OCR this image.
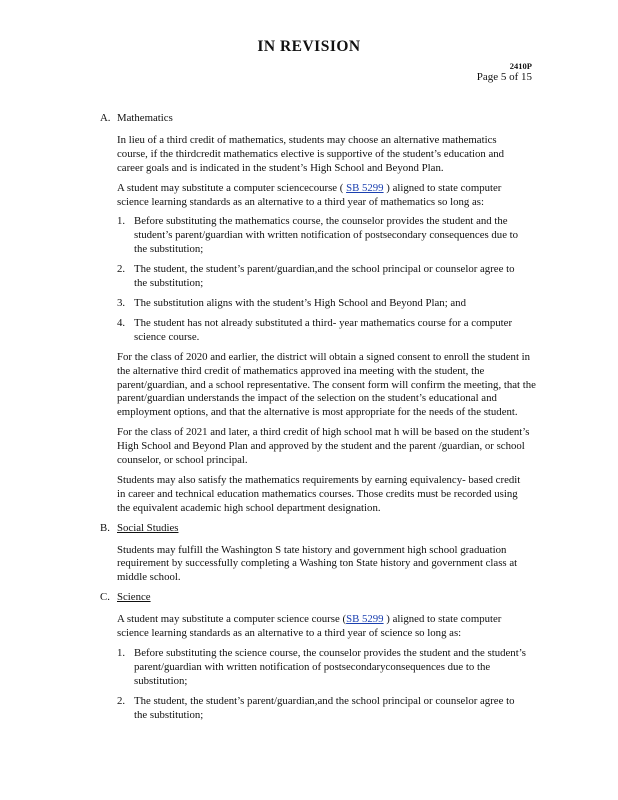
IN REVISION
2410P
Page 5 of 15
A. Mathematics
In lieu of a third credit of mathematics, students may choose an alternative mathematics course, if the thirdcredit mathematics elective is supportive of the student’s education and career goals and is indicated in the student’s High School and Beyond Plan.
A student may substitute a computer sciencecourse ( SB 5299 ) aligned to state computer science learning standards as an alternative to a third year of mathematics so long as:
1. Before substituting the mathematics course, the counselor provides the student and the student’s parent/guardian with written notification of postsecondary consequences due to the substitution;
2. The student, the student’s parent/guardian,and the school principal or counselor agree to the substitution;
3. The substitution aligns with the student’s High School and Beyond Plan; and
4. The student has not already substituted a third- year mathematics course for a computer science course.
For the class of 2020 and earlier, the district will obtain a signed consent to enroll the student in the alternative third credit of mathematics approved ina meeting with the student, the parent/guardian, and a school representative. The consent form will confirm the meeting, that the parent/guardian understands the impact of the selection on the student’s educational and employment options, and that the alternative is most appropriate for the needs of the student.
For the class of 2021 and later, a third credit of high school mat h will be based on the student’s High School and Beyond Plan and approved by the student and the parent /guardian, or school counselor, or school principal.
Students may also satisfy the mathematics requirements by earning equivalency- based credit in career and technical education mathematics courses. Those credits must be recorded using the equivalent academic high school department designation.
B. Social Studies
Students may fulfill the Washington S tate history and government high school graduation requirement by successfully completing a Washing ton State history and government class at middle school.
C. Science
A student may substitute a computer science course (SB 5299 ) aligned to state computer science learning standards as an alternative to a third year of science so long as:
1. Before substituting the science course, the counselor provides the student and the student’s parent/guardian with written notification of postsecondaryconsequences due to the substitution;
2. The student, the student’s parent/guardian,and the school principal or counselor agree to the substitution;
